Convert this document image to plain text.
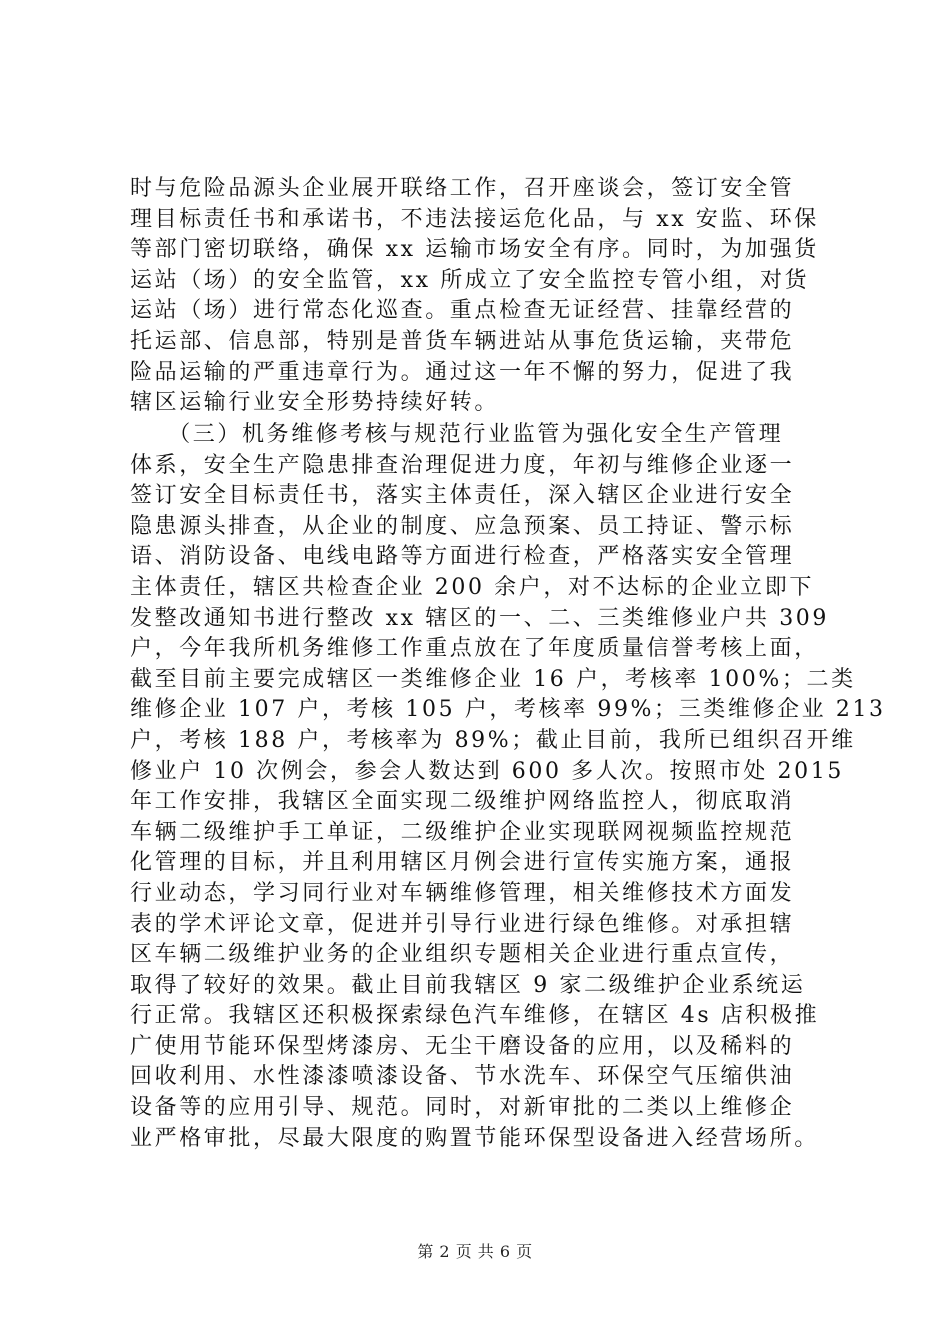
时与危险品源头企业展开联络工作，召开座谈会，签订安全管
理目标责任书和承诺书，不违法接运危化品，与 xx 安监、环保
等部门密切联络，确保 xx 运输市场安全有序。同时，为加强货
运站（场）的安全监管，xx 所成立了安全监控专管小组，对货
运站（场）进行常态化巡查。重点检查无证经营、挂靠经营的
托运部、信息部，特别是普货车辆进站从事危货运输，夹带危
险品运输的严重违章行为。通过这一年不懈的努力，促进了我
辖区运输行业安全形势持续好转。
　　（三）机务维修考核与规范行业监管为强化安全生产管理
体系，安全生产隐患排查治理促进力度，年初与维修企业逐一
签订安全目标责任书，落实主体责任，深入辖区企业进行安全
隐患源头排查，从企业的制度、应急预案、员工持证、警示标
语、消防设备、电线电路等方面进行检查，严格落实安全管理
主体责任，辖区共检查企业 200 余户，对不达标的企业立即下
发整改通知书进行整改 xx 辖区的一、二、三类维修业户共 309
户，今年我所机务维修工作重点放在了年度质量信誉考核上面，
截至目前主要完成辖区一类维修企业 16 户，考核率 100%；二类
维修企业 107 户，考核 105 户，考核率 99%；三类维修企业 213
户，考核 188 户，考核率为 89%；截止目前，我所已组织召开维
修业户 10 次例会，参会人数达到 600 多人次。按照市处 2015
年工作安排，我辖区全面实现二级维护网络监控人，彻底取消
车辆二级维护手工单证，二级维护企业实现联网视频监控规范
化管理的目标，并且利用辖区月例会进行宣传实施方案，通报
行业动态，学习同行业对车辆维修管理，相关维修技术方面发
表的学术评论文章，促进并引导行业进行绿色维修。对承担辖
区车辆二级维护业务的企业组织专题相关企业进行重点宣传，
取得了较好的效果。截止目前我辖区 9 家二级维护企业系统运
行正常。我辖区还积极探索绿色汽车维修，在辖区 4s 店积极推
广使用节能环保型烤漆房、无尘干磨设备的应用，以及稀料的
回收利用、水性漆漆喷漆设备、节水洗车、环保空气压缩供油
设备等的应用引导、规范。同时，对新审批的二类以上维修企
业严格审批，尽最大限度的购置节能环保型设备进入经营场所。
第 2 页 共 6 页
